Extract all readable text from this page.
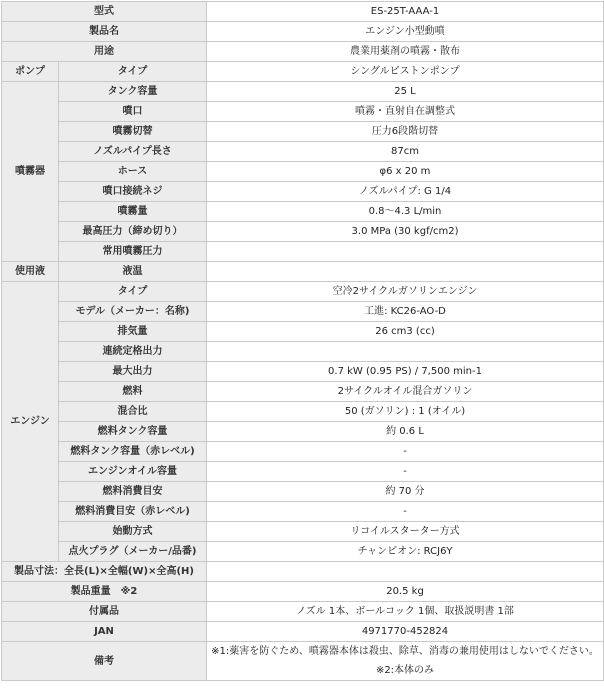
型式		ES-25T-AAA-1
製品名		エンジン小型動噴
用途		農業用薬剤の噴霧・散布
ポンプ	タイプ	シングルピストンポンプ
噴霧器	タンク容量	25 L
	噴口	噴霧・直射自在調整式
	噴霧切替	圧力6段階切替
	ノズルパイプ長さ	87cm
	ホース	φ6 x 20 m
	噴口接続ネジ	ノズルパイプ: G 1/4
	噴霧量	0.8〜4.3 L/min
	最高圧力（締め切り）	3.0 MPa (30 kgf/cm2)
	常用噴霧圧力	
使用液	液温	
エンジン	タイプ	空冷2サイクルガソリンエンジン
	モデル（メーカー：名称)	工進: KC26-AO-D
	排気量	26 cm3 (cc)
	連続定格出力	
	最大出力	0.7 kW (0.95 PS) / 7,500 min-1
	燃料	2サイクルオイル混合ガソリン
	混合比	50 (ガソリン) : 1 (オイル)
	燃料タンク容量	約 0.6 L
	燃料タンク容量（赤レベル)	-
	エンジンオイル容量	-
	燃料消費目安	約 70 分
	燃料消費目安（赤レベル)	-
	始動方式	リコイルスターター方式
	点火プラグ（メーカー/品番)	チャンピオン: RCJ6Y
製品寸法：全長(L)×全幅(W)×全高(H)		
製品重量　※2		20.5 kg
付属品		ノズル 1本、ボールコック 1個、取扱説明書 1部
JAN		4971770-452824
備考		※1:薬害を防ぐため、噴霧器本体は殺虫、除草、消毒の兼用使用はしないでください。
※2:本体のみ
